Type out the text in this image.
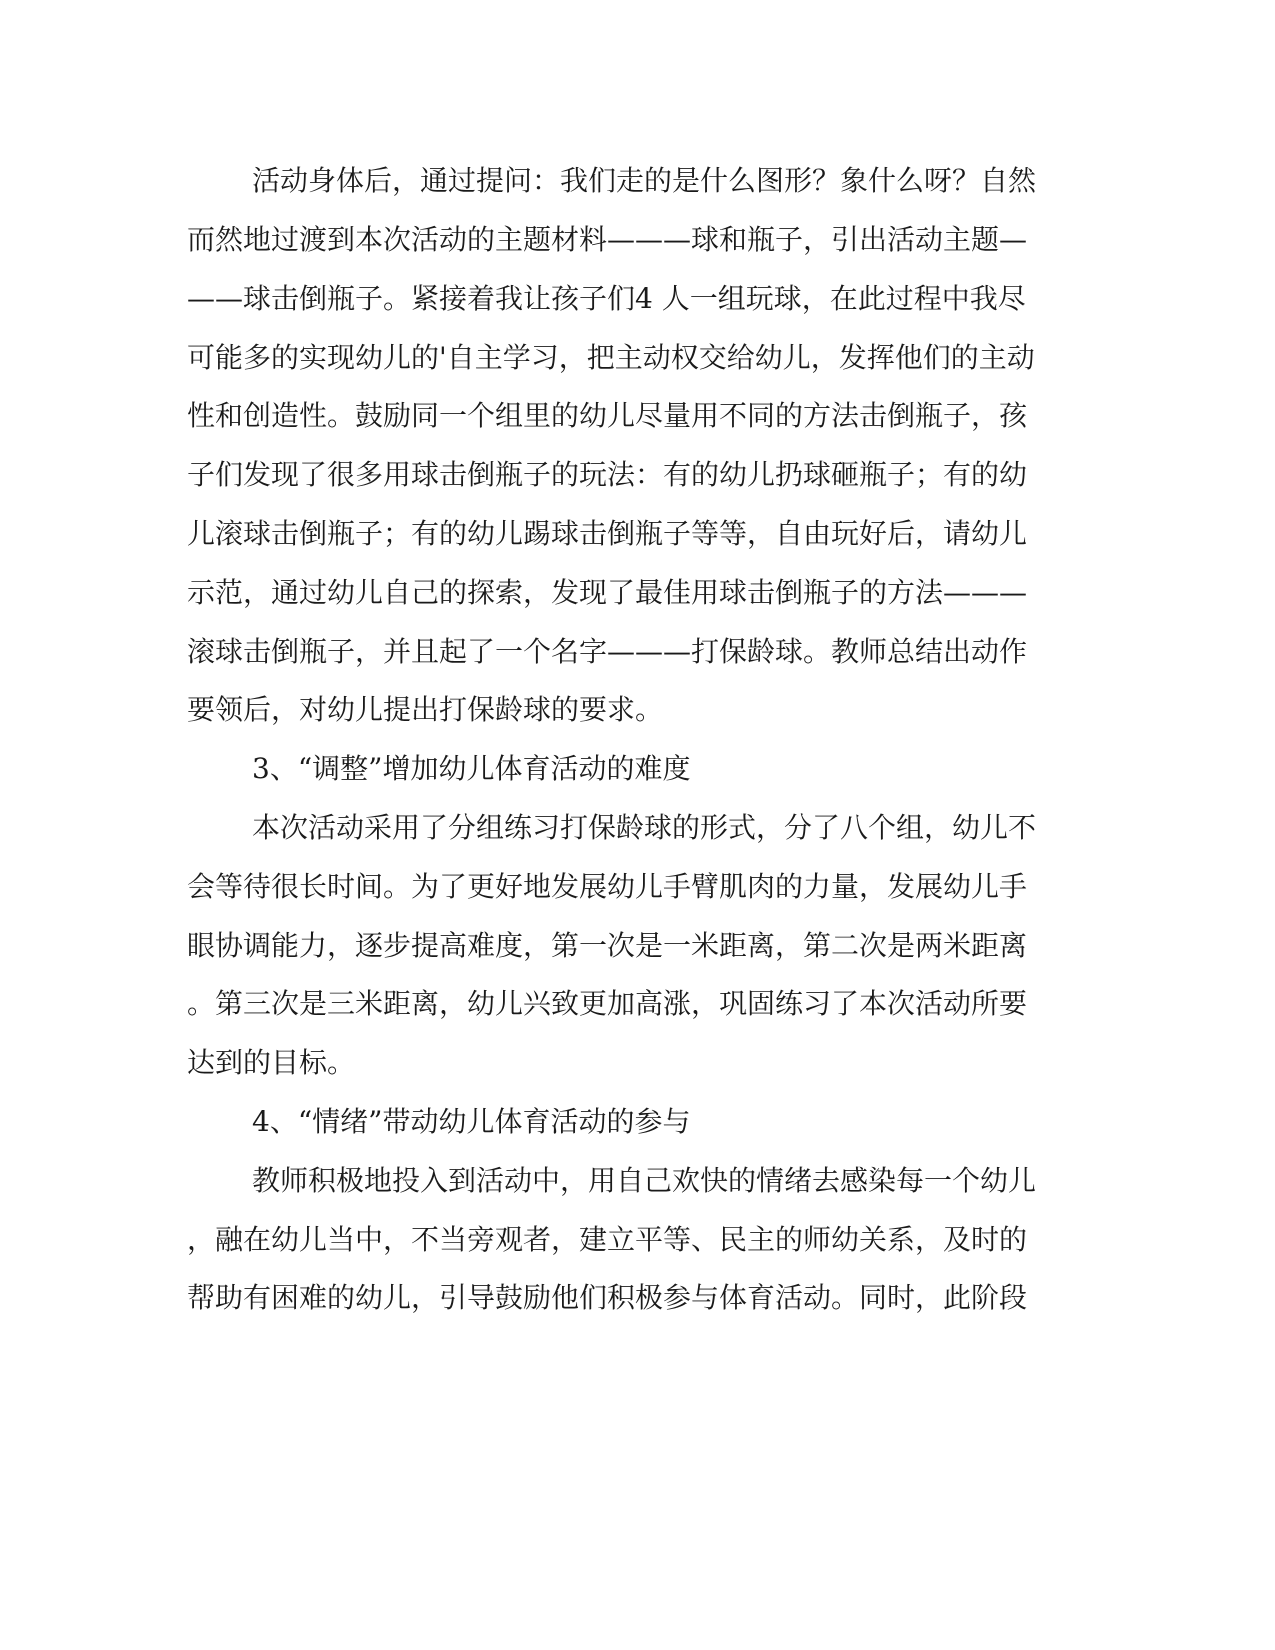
活动身体后，通过提问：我们走的是什么图形？象什么呀？自然
而然地过渡到本次活动的主题材料———球和瓶子，引出活动主题—
——球击倒瓶子。紧接着我让孩子们4 人一组玩球，在此过程中我尽
可能多的实现幼儿的'自主学习，把主动权交给幼儿，发挥他们的主动
性和创造性。鼓励同一个组里的幼儿尽量用不同的方法击倒瓶子，孩
子们发现了很多用球击倒瓶子的玩法：有的幼儿扔球砸瓶子；有的幼
儿滚球击倒瓶子；有的幼儿踢球击倒瓶子等等，自由玩好后，请幼儿
示范，通过幼儿自己的探索，发现了最佳用球击倒瓶子的方法———
滚球击倒瓶子，并且起了一个名字———打保龄球。教师总结出动作
要领后，对幼儿提出打保龄球的要求。
3、“调整”增加幼儿体育活动的难度
本次活动采用了分组练习打保龄球的形式，分了八个组，幼儿不
会等待很长时间。为了更好地发展幼儿手臂肌肉的力量，发展幼儿手
眼协调能力，逐步提高难度，第一次是一米距离，第二次是两米距离
。第三次是三米距离，幼儿兴致更加高涨，巩固练习了本次活动所要
达到的目标。
4、“情绪”带动幼儿体育活动的参与
教师积极地投入到活动中，用自己欢快的情绪去感染每一个幼儿
，融在幼儿当中，不当旁观者，建立平等、民主的师幼关系，及时的
帮助有困难的幼儿，引导鼓励他们积极参与体育活动。同时，此阶段
